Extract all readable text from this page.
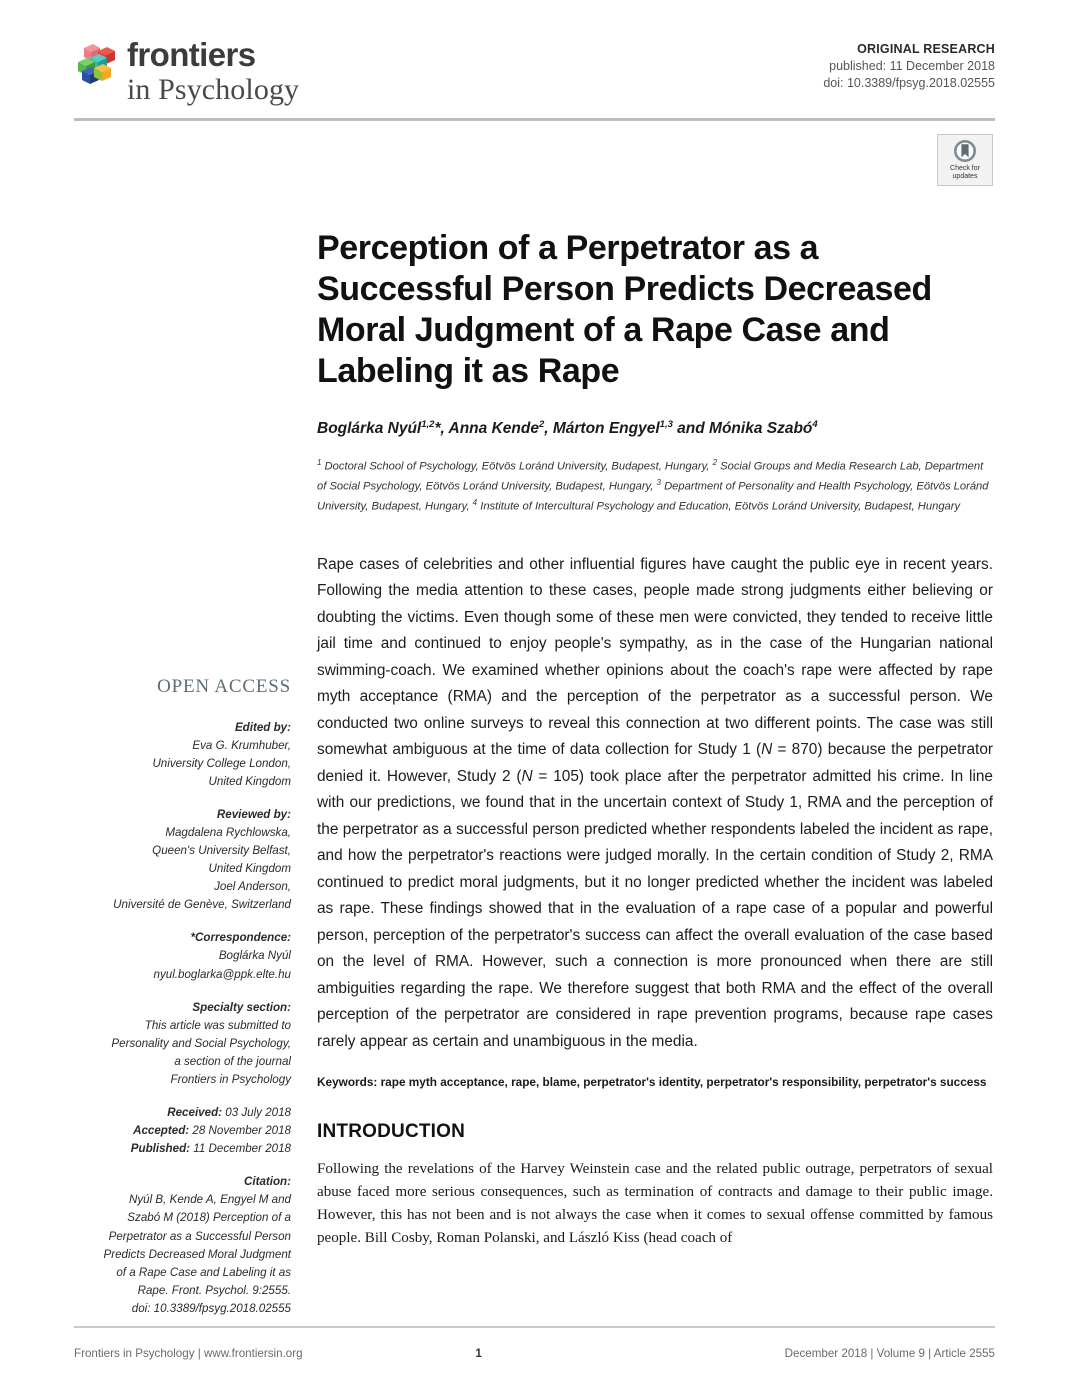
frontiers
in Psychology
ORIGINAL RESEARCH
published: 11 December 2018
doi: 10.3389/fpsyg.2018.02555
Check for
updates
Perception of a Perpetrator as a Successful Person Predicts Decreased Moral Judgment of a Rape Case and Labeling it as Rape
Boglárka Nyúl$^{1,2}$*, Anna Kende$^2$, Márton Engyel$^{1,3}$ and Mónika Szabó$^4$
$^1$ Doctoral School of Psychology, Eötvös Loránd University, Budapest, Hungary, $^2$ Social Groups and Media Research Lab, Department of Social Psychology, Eötvös Loránd University, Budapest, Hungary, $^3$ Department of Personality and Health Psychology, Eötvös Loránd University, Budapest, Hungary, $^4$ Institute of Intercultural Psychology and Education, Eötvös Loránd University, Budapest, Hungary
OPEN ACCESS
Edited by:
Eva G. Krumhuber,
University College London,
United Kingdom
Reviewed by:
Magdalena Rychlowska,
Queen's University Belfast,
United Kingdom
Joel Anderson,
Université de Genève, Switzerland
*Correspondence:
Boglárka Nyúl
nyul.boglarka@ppk.elte.hu
Specialty section:
This article was submitted to
Personality and Social Psychology,
a section of the journal
Frontiers in Psychology
Received: 03 July 2018
Accepted: 28 November 2018
Published: 11 December 2018
Citation:
Nyúl B, Kende A, Engyel M and
Szabó M (2018) Perception of a
Perpetrator as a Successful Person
Predicts Decreased Moral Judgment
of a Rape Case and Labeling it as
Rape. Front. Psychol. 9:2555.
doi: 10.3389/fpsyg.2018.02555

Rape cases of celebrities and other influential figures have caught the public eye in recent years. Following the media attention to these cases, people made strong judgments either believing or doubting the victims. Even though some of these men were convicted, they tended to receive little jail time and continued to enjoy people's sympathy, as in the case of the Hungarian national swimming-coach. We examined whether opinions about the coach's rape were affected by rape myth acceptance (RMA) and the perception of the perpetrator as a successful person. We conducted two online surveys to reveal this connection at two different points. The case was still somewhat ambiguous at the time of data collection for Study 1 (N = 870) because the perpetrator denied it. However, Study 2 (N = 105) took place after the perpetrator admitted his crime. In line with our predictions, we found that in the uncertain context of Study 1, RMA and the perception of the perpetrator as a successful person predicted whether respondents labeled the incident as rape, and how the perpetrator's reactions were judged morally. In the certain condition of Study 2, RMA continued to predict moral judgments, but it no longer predicted whether the incident was labeled as rape. These findings showed that in the evaluation of a rape case of a popular and powerful person, perception of the perpetrator's success can affect the overall evaluation of the case based on the level of RMA. However, such a connection is more pronounced when there are still ambiguities regarding the rape. We therefore suggest that both RMA and the effect of the overall perception of the perpetrator are considered in rape prevention programs, because rape cases rarely appear as certain and unambiguous in the media.

Keywords: rape myth acceptance, rape, blame, perpetrator's identity, perpetrator's responsibility, perpetrator's success
INTRODUCTION

Following the revelations of the Harvey Weinstein case and the related public outrage, perpetrators of sexual abuse faced more serious consequences, such as termination of contracts and damage to their public image. However, this has not been and is not always the case when it comes to sexual offense committed by famous people. Bill Cosby, Roman Polanski, and László Kiss (head coach of

Frontiers in Psychology | www.frontiersin.org	1	December 2018 | Volume 9 | Article 2555
